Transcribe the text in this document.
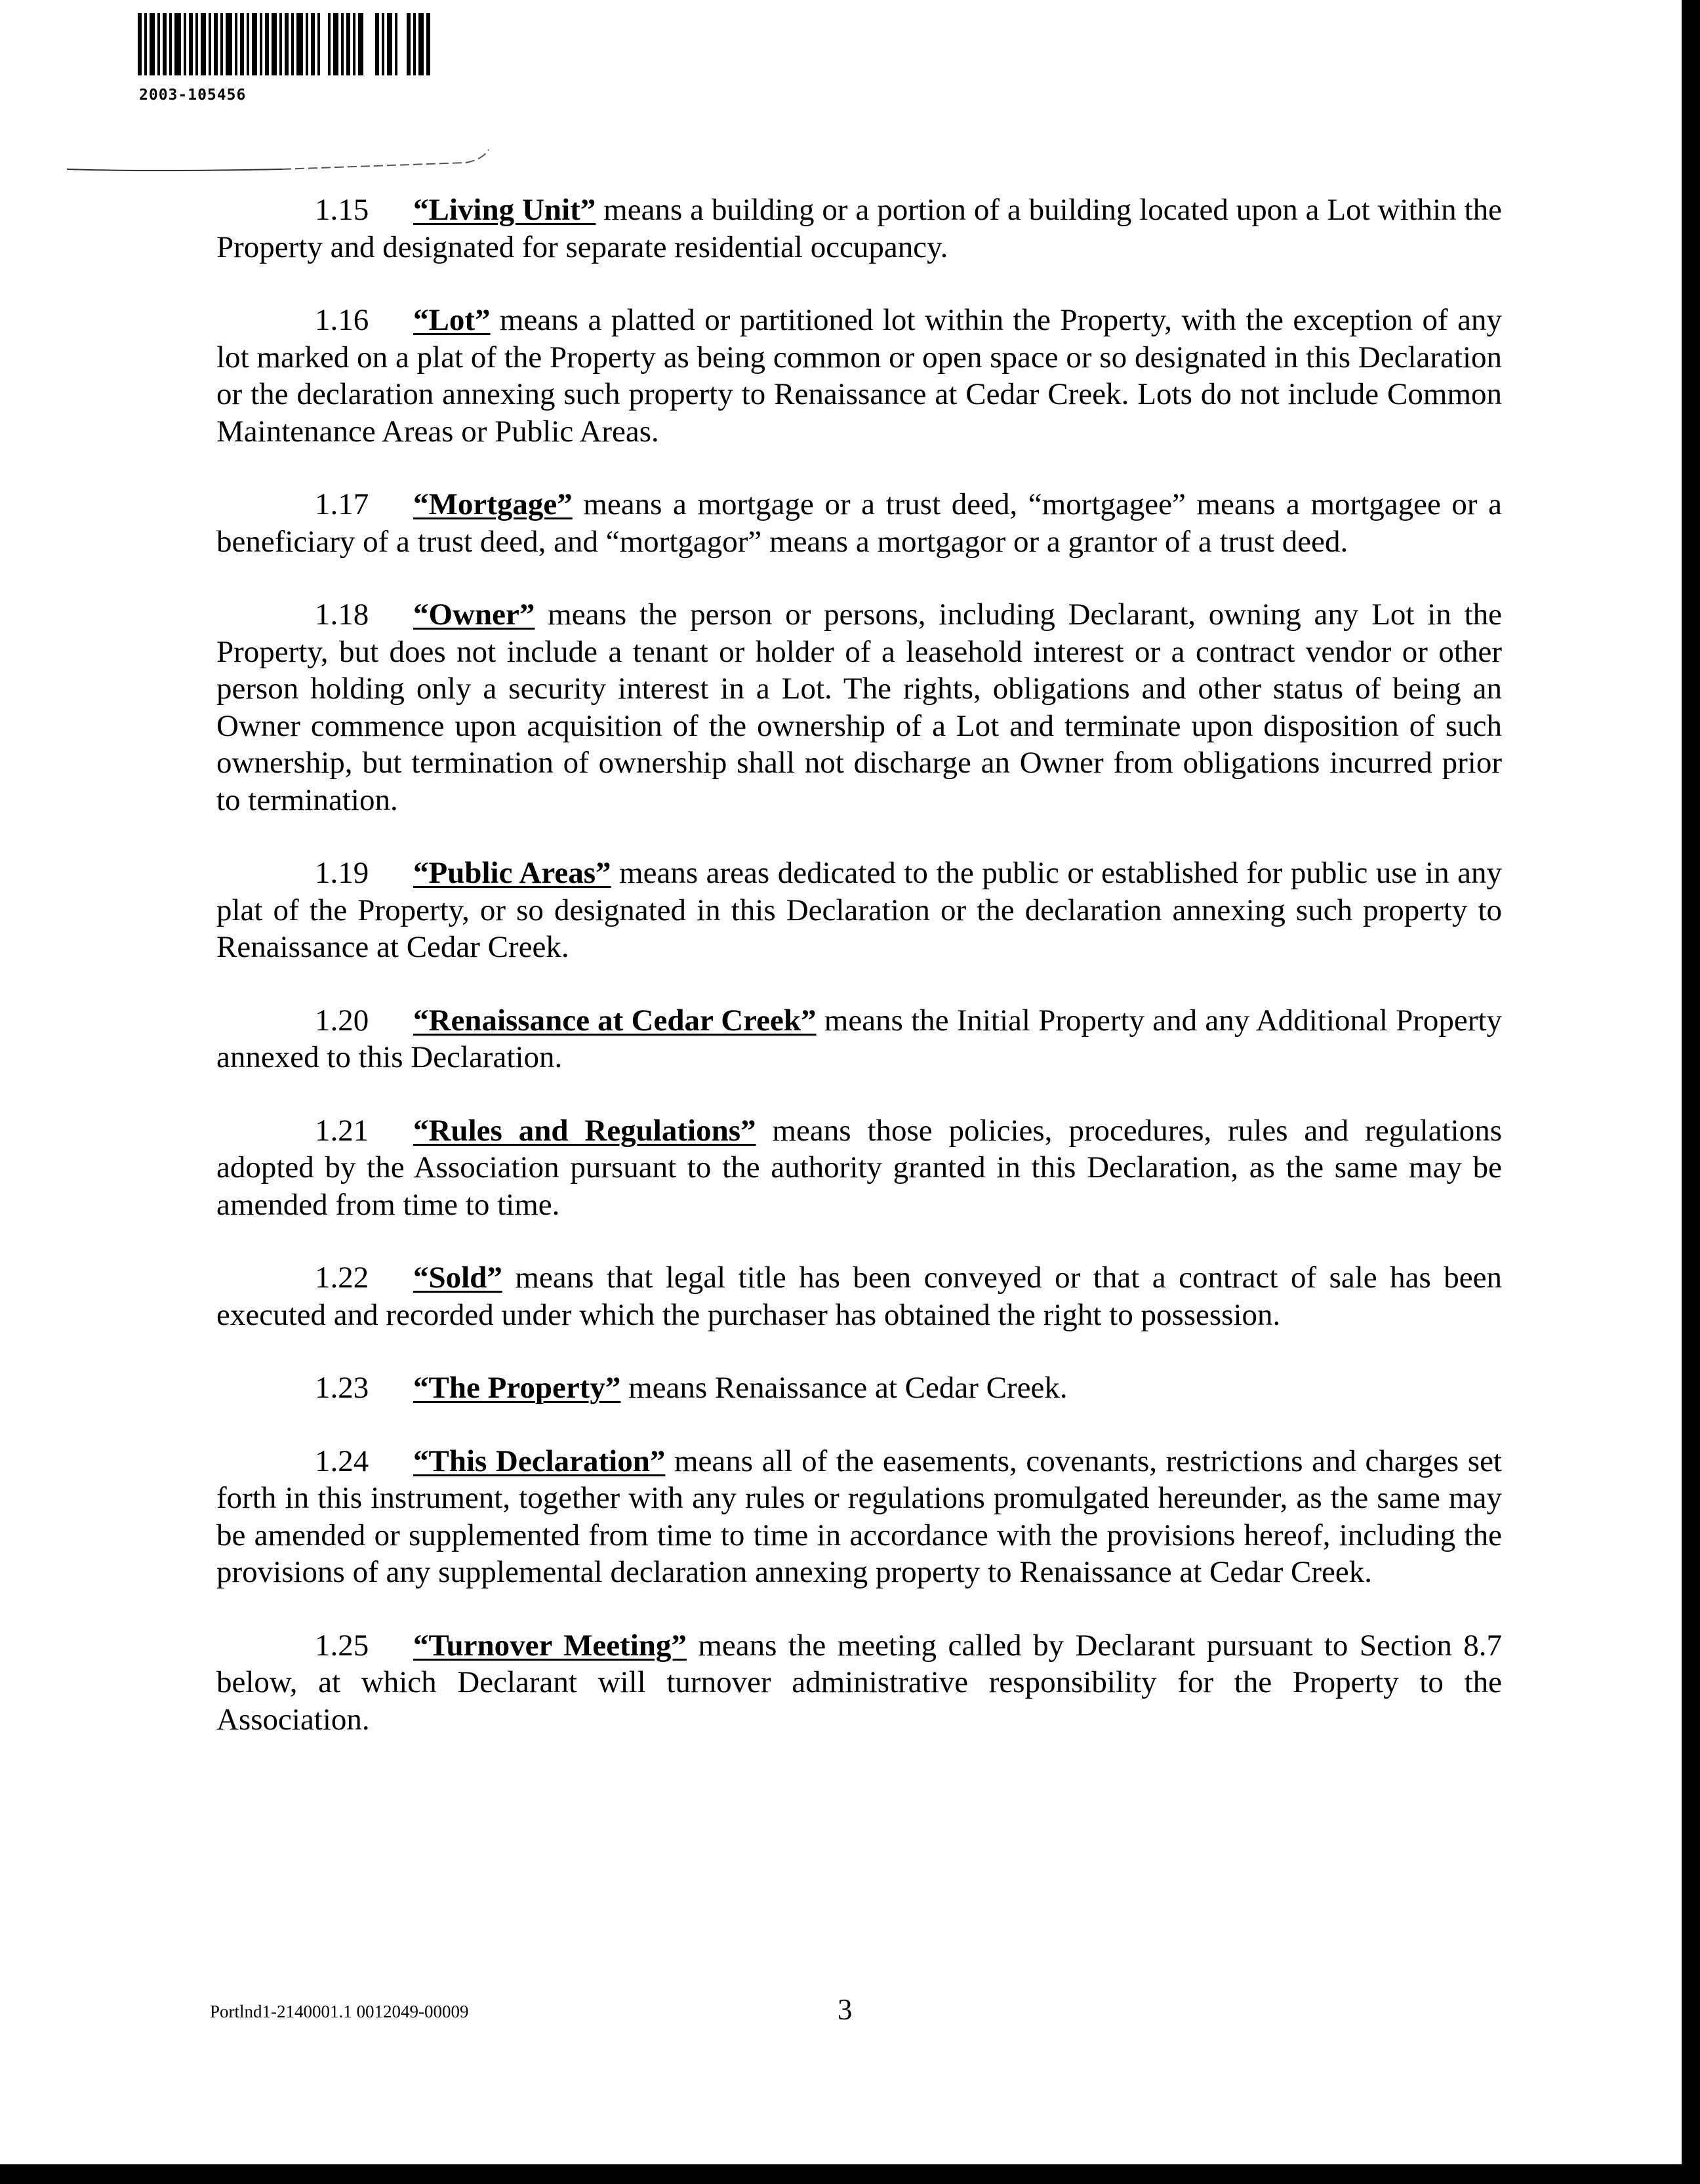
2003-105456

1.15 “Living Unit” means a building or a portion of a building located upon a Lot within the Property and designated for separate residential occupancy.

1.16 “Lot” means a platted or partitioned lot within the Property, with the exception of any lot marked on a plat of the Property as being common or open space or so designated in this Declaration or the declaration annexing such property to Renaissance at Cedar Creek. Lots do not include Common Maintenance Areas or Public Areas.

1.17 “Mortgage” means a mortgage or a trust deed, “mortgagee” means a mortgagee or a beneficiary of a trust deed, and “mortgagor” means a mortgagor or a grantor of a trust deed.

1.18 “Owner” means the person or persons, including Declarant, owning any Lot in the Property, but does not include a tenant or holder of a leasehold interest or a contract vendor or other person holding only a security interest in a Lot. The rights, obligations and other status of being an Owner commence upon acquisition of the ownership of a Lot and terminate upon disposition of such ownership, but termination of ownership shall not discharge an Owner from obligations incurred prior to termination.

1.19 “Public Areas” means areas dedicated to the public or established for public use in any plat of the Property, or so designated in this Declaration or the declaration annexing such property to Renaissance at Cedar Creek.

1.20 “Renaissance at Cedar Creek” means the Initial Property and any Additional Property annexed to this Declaration.

1.21 “Rules and Regulations” means those policies, procedures, rules and regulations adopted by the Association pursuant to the authority granted in this Declaration, as the same may be amended from time to time.

1.22 “Sold” means that legal title has been conveyed or that a contract of sale has been executed and recorded under which the purchaser has obtained the right to possession.

1.23 “The Property” means Renaissance at Cedar Creek.

1.24 “This Declaration” means all of the easements, covenants, restrictions and charges set forth in this instrument, together with any rules or regulations promulgated hereunder, as the same may be amended or supplemented from time to time in accordance with the provisions hereof, including the provisions of any supplemental declaration annexing property to Renaissance at Cedar Creek.

1.25 “Turnover Meeting” means the meeting called by Declarant pursuant to Section 8.7 below, at which Declarant will turnover administrative responsibility for the Property to the Association.

Portlnd1-2140001.1 0012049-00009	3
